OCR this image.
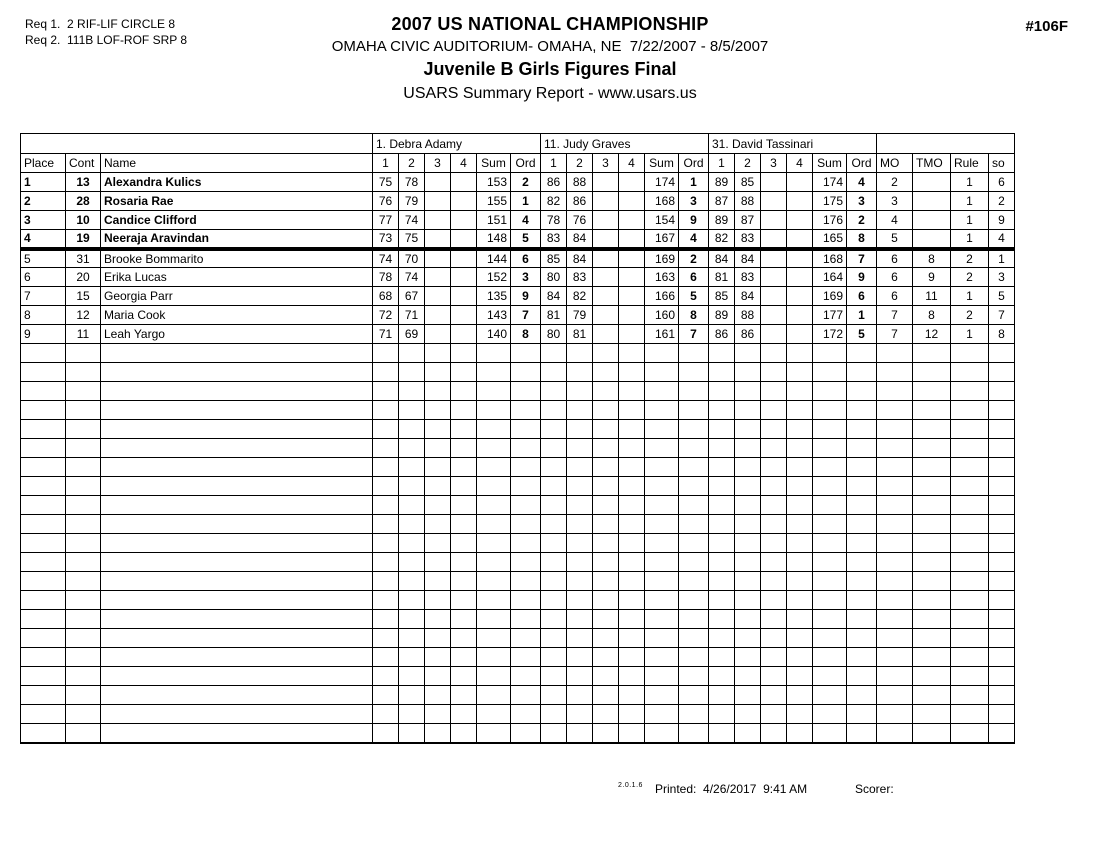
Req 1.  2 RIF-LIF CIRCLE 8
Req 2.  111B LOF-ROF SRP 8
2007 US NATIONAL CHAMPIONSHIP
OMAHA CIVIC AUDITORIUM- OMAHA, NE  7/22/2007 - 8/5/2007
Juvenile B Girls Figures Final
USARS Summary Report - www.usars.us
#106F
			1. Debra Adamy						11. Judy Graves						31. David Tassinari									
Place	Cont	Name	1	2	3	4	Sum	Ord	1	2	3	4	Sum	Ord	1	2	3	4	Sum	Ord	MO	TMO	Rule	so
1	13	Alexandra Kulics	75	78			153	2	86	88			174	1	89	85			174	4	2		1	6
2	28	Rosaria Rae	76	79			155	1	82	86			168	3	87	88			175	3	3		1	2
3	10	Candice Clifford	77	74			151	4	78	76			154	9	89	87			176	2	4		1	9
4	19	Neeraja Aravindan	73	75			148	5	83	84			167	4	82	83			165	8	5		1	4
5	31	Brooke Bommarito	74	70			144	6	85	84			169	2	84	84			168	7	6	8	2	1
6	20	Erika Lucas	78	74			152	3	80	83			163	6	81	83			164	9	6	9	2	3
7	15	Georgia Parr	68	67			135	9	84	82			166	5	85	84			169	6	6	11	1	5
8	12	Maria Cook	72	71			143	7	81	79			160	8	89	88			177	1	7	8	2	7
9	11	Leah Yargo	71	69			140	8	80	81			161	7	86	86			172	5	7	12	1	8

2.0.1.6 Printed:  4/26/2017  9:41 AM	Scorer:
